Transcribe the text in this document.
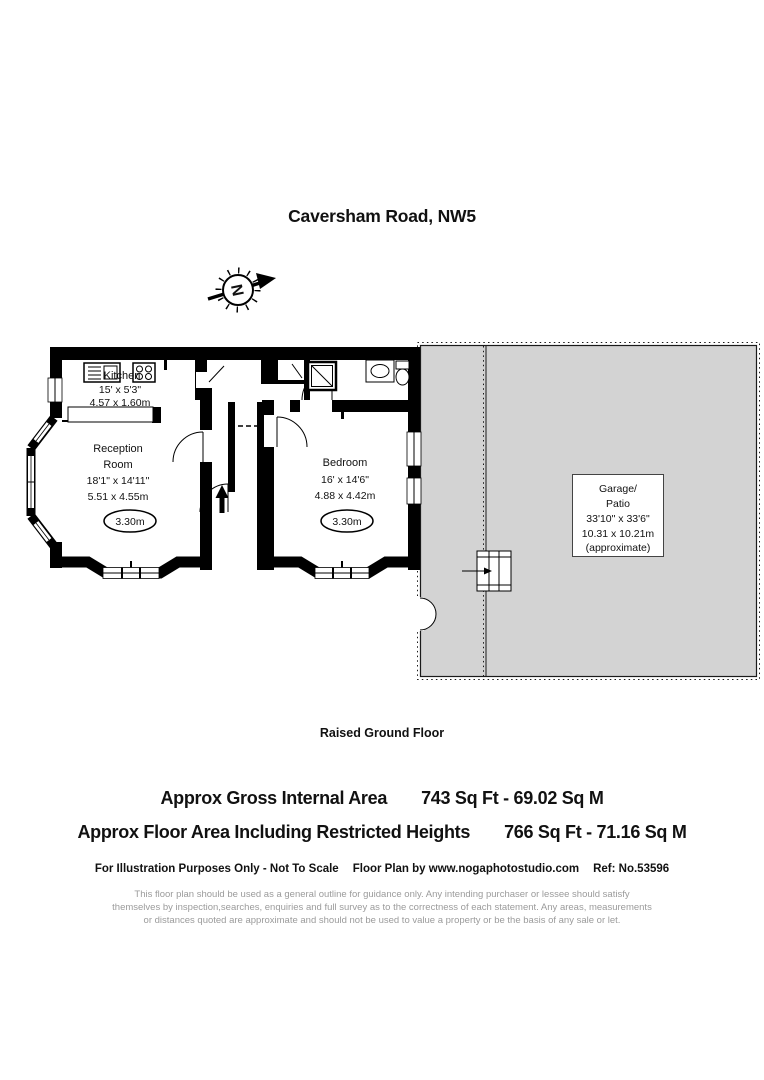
Caversham Road, NW5
N
Garage/
Patio
33'10" x 33'6"
10.31 x 10.21m
(approximate)
Kitchen
15' x 5'3"
4.57 x 1.60m
Reception
Room
18'1" x 14'11"
5.51 x 4.55m
3.30m
Bedroom
16' x 14'6"
4.88 x 4.42m
3.30m
Raised Ground Floor
Approx Gross Internal Area 743 Sq Ft - 69.02 Sq M
Approx Floor Area Including Restricted Heights 766 Sq Ft - 71.16 Sq M
For Illustration Purposes Only - Not To Scale Floor Plan by www.nogaphotostudio.com Ref: No.53596
This floor plan should be used as a general outline for guidance only. Any intending purchaser or lessee should satisfy themselves by inspection,searches, enquiries and full survey as to the correctness of each statement. Any areas, measurements or distances quoted are approximate and should not be used to value a property or be the basis of any sale or let.
